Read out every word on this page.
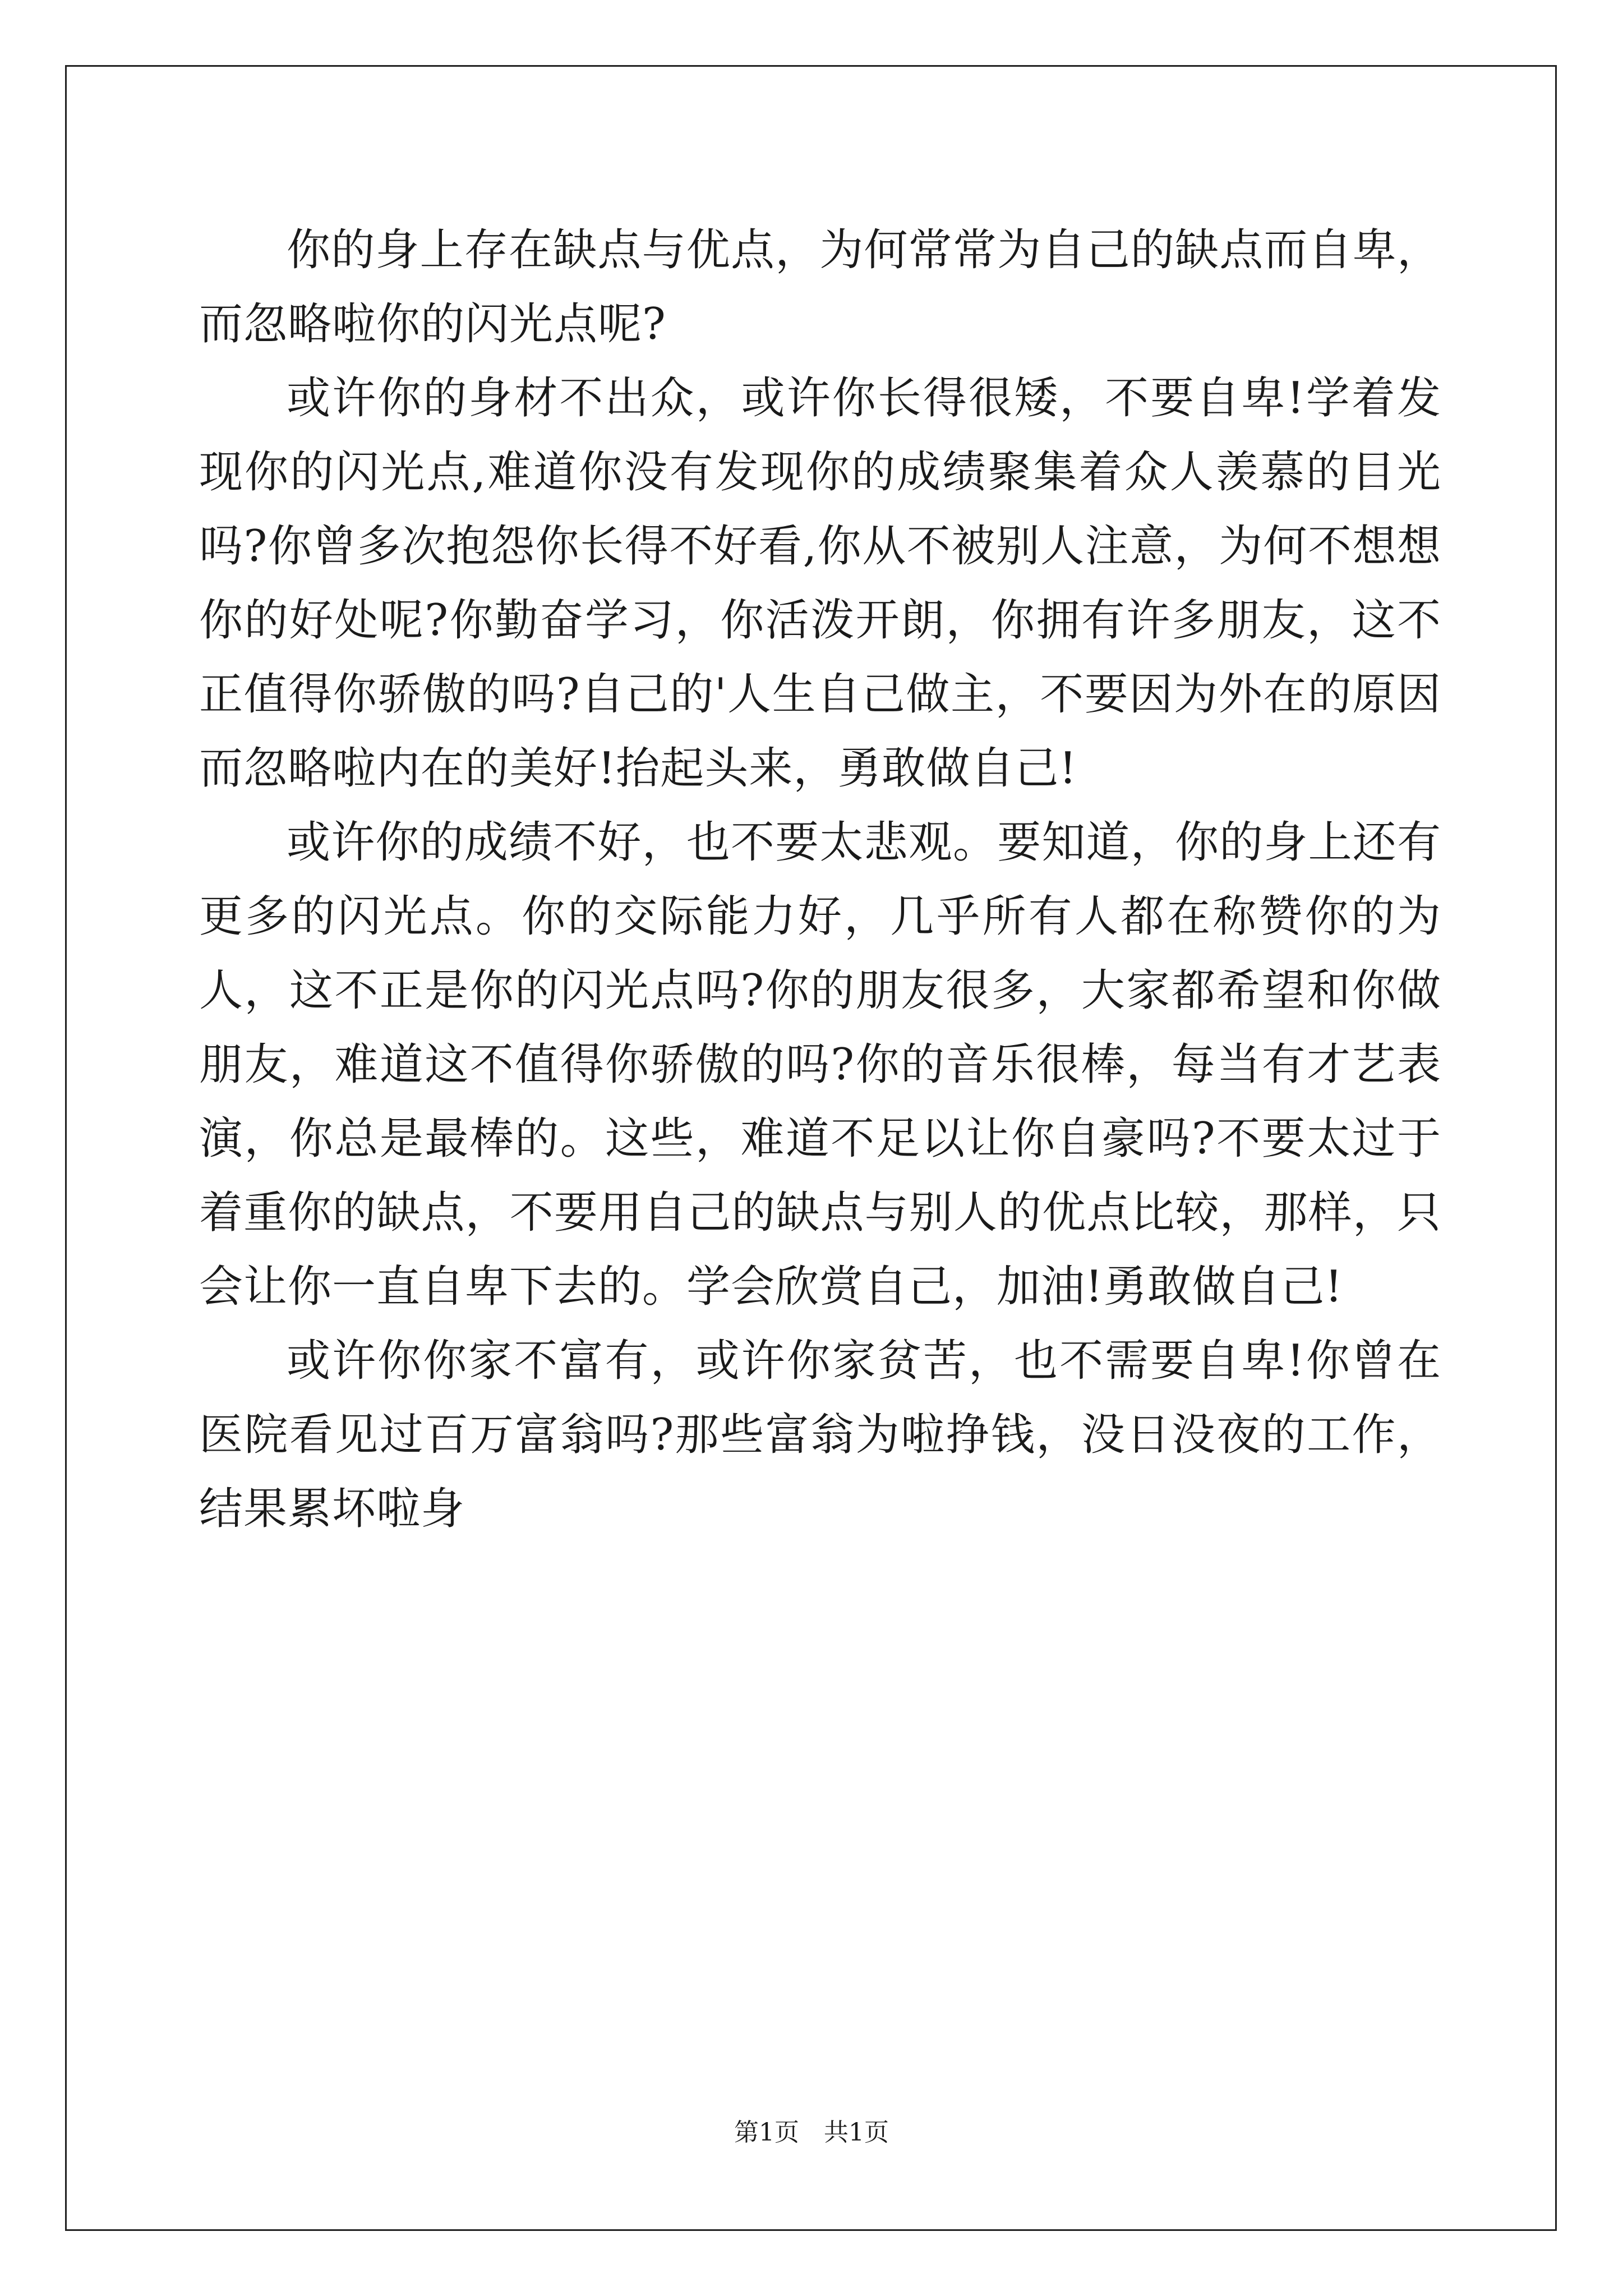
你的身上存在缺点与优点，为何常常为自己的缺点而自卑，而忽略啦你的闪光点呢?

或许你的身材不出众，或许你长得很矮，不要自卑!学着发现你的闪光点,难道你没有发现你的成绩聚集着众人羡慕的目光吗?你曾多次抱怨你长得不好看,你从不被别人注意，为何不想想你的好处呢?你勤奋学习，你活泼开朗，你拥有许多朋友，这不正值得你骄傲的吗?自己的'人生自己做主，不要因为外在的原因而忽略啦内在的美好!抬起头来，勇敢做自己!

或许你的成绩不好，也不要太悲观。要知道，你的身上还有更多的闪光点。你的交际能力好，几乎所有人都在称赞你的为人，这不正是你的闪光点吗?你的朋友很多，大家都希望和你做朋友，难道这不值得你骄傲的吗?你的音乐很棒，每当有才艺表演，你总是最棒的。这些，难道不足以让你自豪吗?不要太过于着重你的缺点，不要用自己的缺点与别人的优点比较，那样，只会让你一直自卑下去的。学会欣赏自己，加油!勇敢做自己!

或许你你家不富有，或许你家贫苦，也不需要自卑!你曾在医院看见过百万富翁吗?那些富翁为啦挣钱，没日没夜的工作，结果累坏啦身

第1页 共1页
